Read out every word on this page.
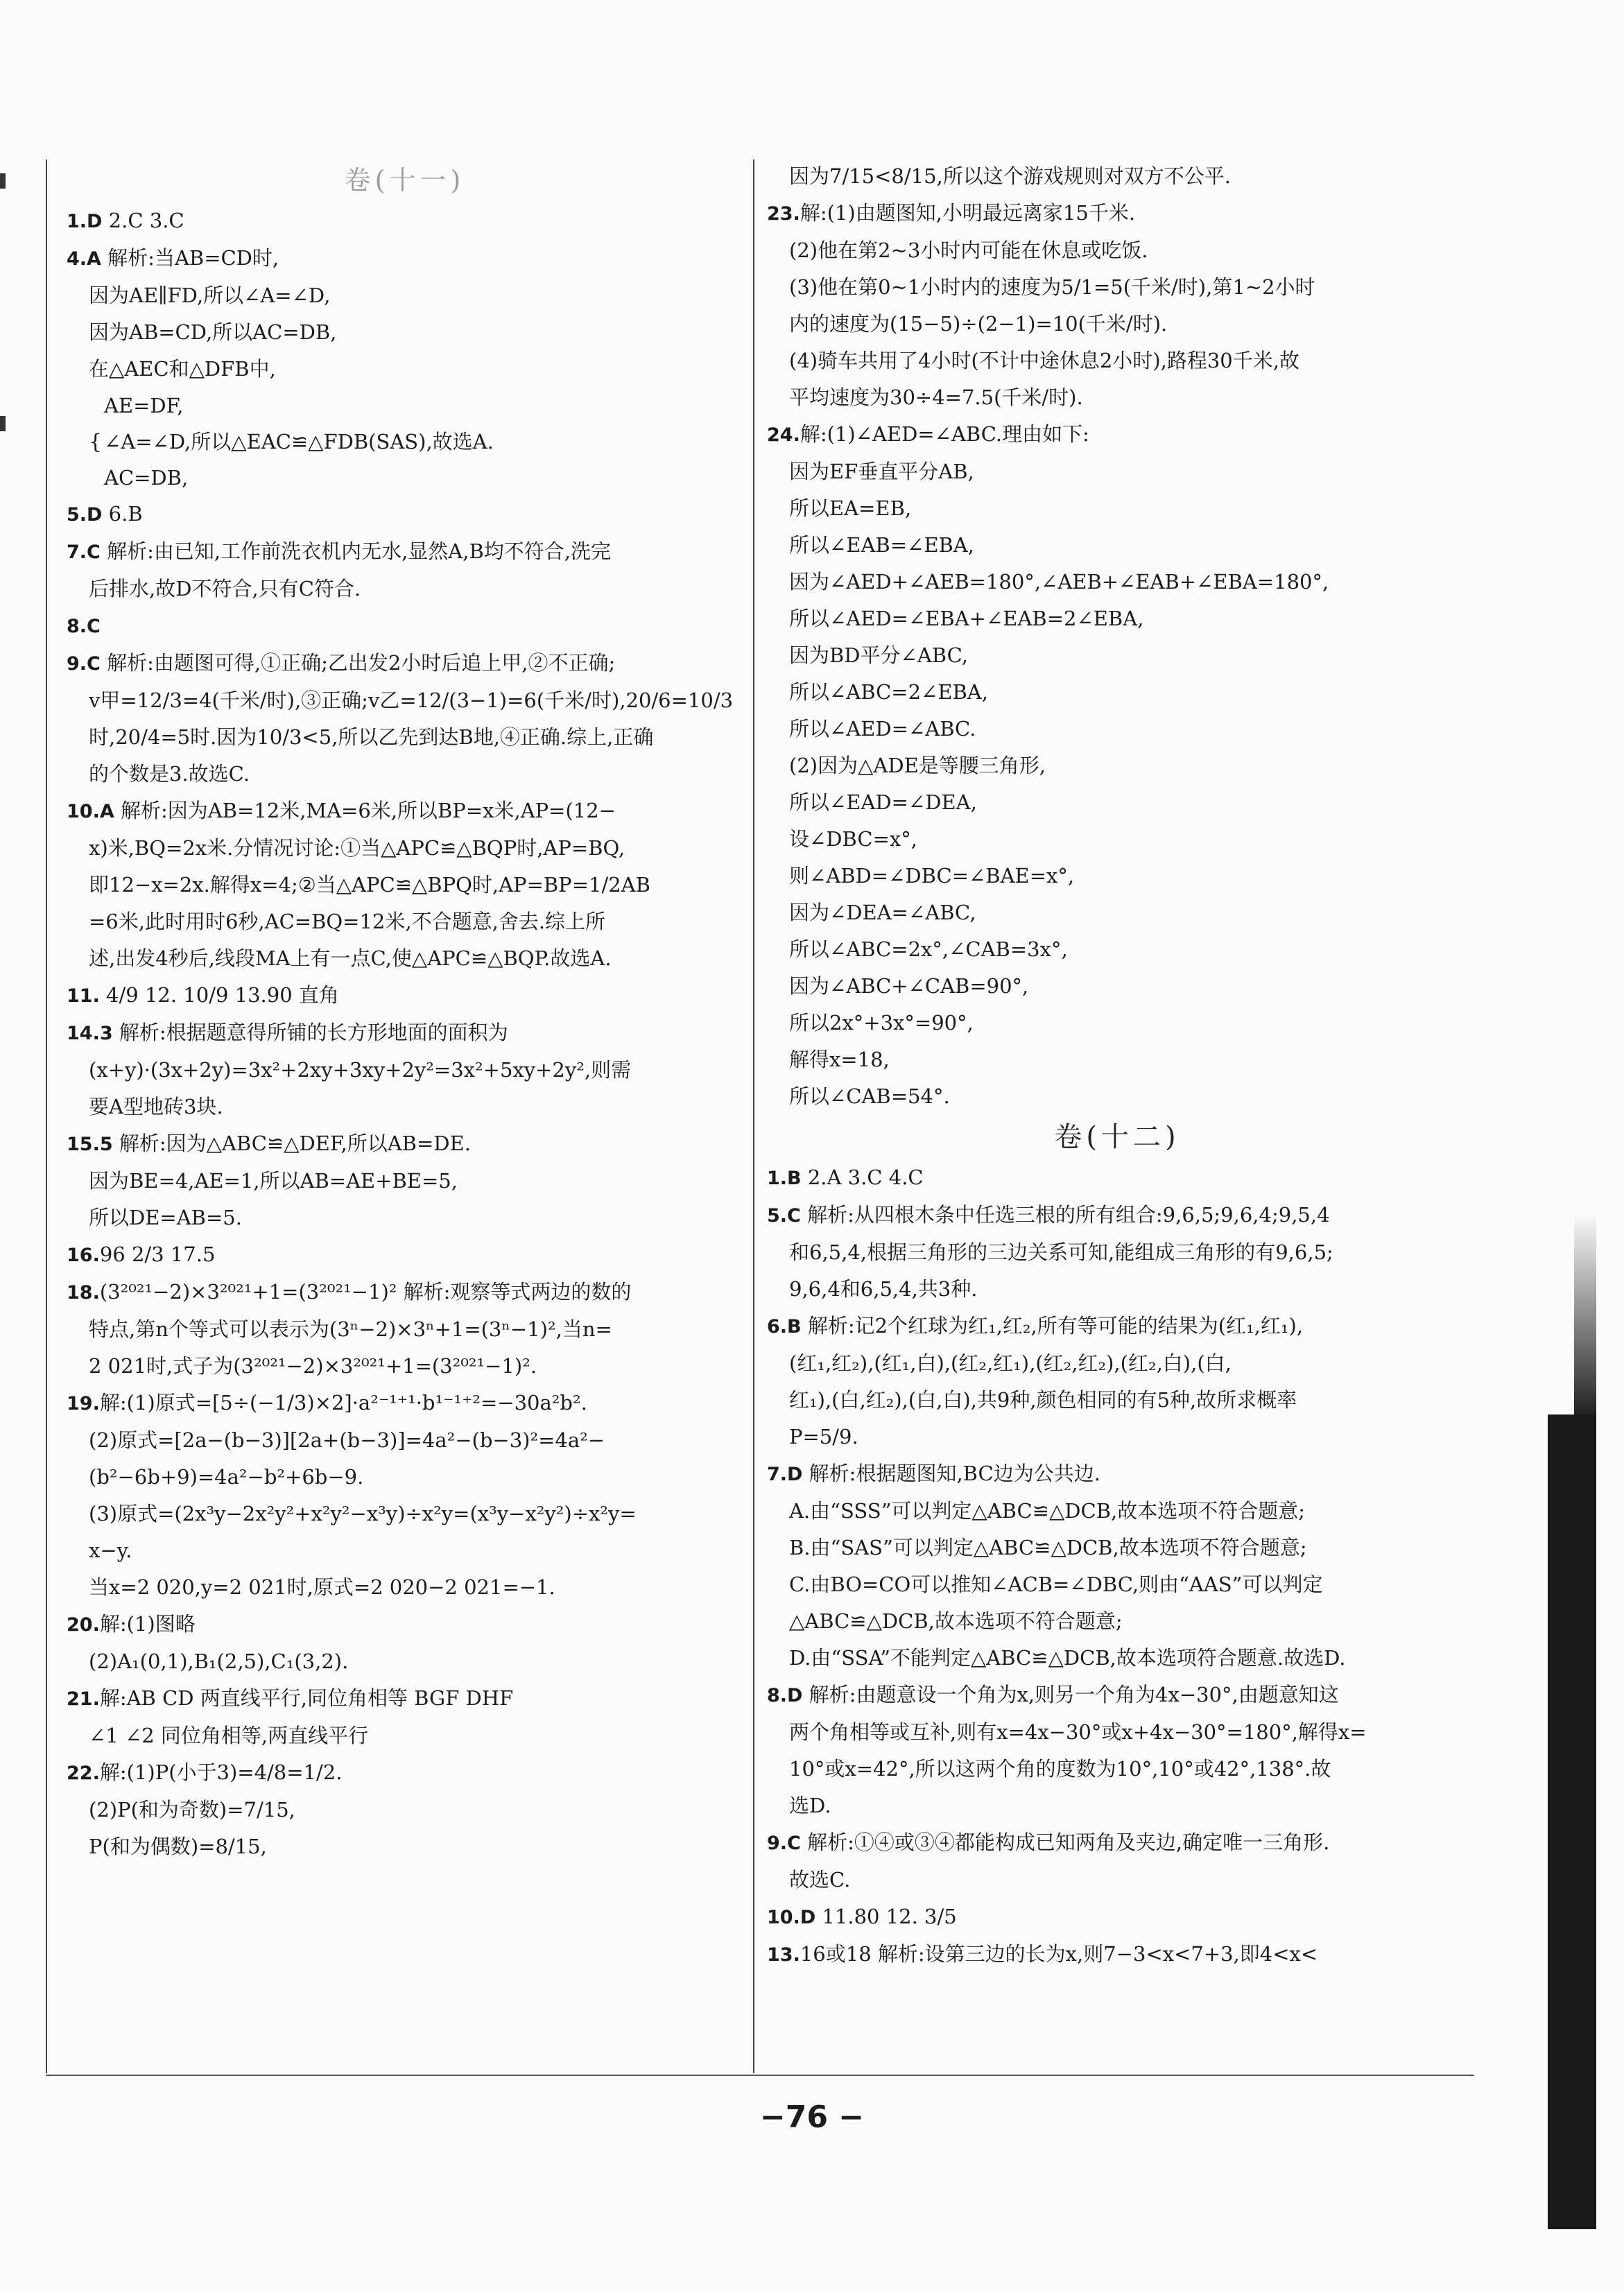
卷(十一)
1.D 2.C 3.C
4.A 解析:当AB=CD时,
因为AE∥FD,所以∠A=∠D,
因为AB=CD,所以AC=DB,
在△AEC和△DFB中,
{
AE=DF,
∠A=∠D,所以△EAC≌△FDB(SAS),故选A.
AC=DB,
5.D 6.B
7.C 解析:由已知,工作前洗衣机内无水,显然A,B均不符合,洗完
后排水,故D不符合,只有C符合.
8.C
9.C 解析:由题图可得,①正确;乙出发2小时后追上甲,②不正确;
v甲=12/3=4(千米/时),③正确;v乙=12/(3−1)=6(千米/时),20/6=10/3
时,20/4=5时.因为10/3<5,所以乙先到达B地,④正确.综上,正确
的个数是3.故选C.
10.A 解析:因为AB=12米,MA=6米,所以BP=x米,AP=(12−
x)米,BQ=2x米.分情况讨论:①当△APC≌△BQP时,AP=BQ,
即12−x=2x.解得x=4;②当△APC≌△BPQ时,AP=BP=1/2AB
=6米,此时用时6秒,AC=BQ=12米,不合题意,舍去.综上所
述,出发4秒后,线段MA上有一点C,使△APC≌△BQP.故选A.
11. 4/9 12. 10/9 13.90 直角
14.3 解析:根据题意得所铺的长方形地面的面积为
(x+y)·(3x+2y)=3x²+2xy+3xy+2y²=3x²+5xy+2y²,则需
要A型地砖3块.
15.5 解析:因为△ABC≌△DEF,所以AB=DE.
因为BE=4,AE=1,所以AB=AE+BE=5,
所以DE=AB=5.
16.96 2/3 17.5
18.(3²⁰²¹−2)×3²⁰²¹+1=(3²⁰²¹−1)² 解析:观察等式两边的数的
特点,第n个等式可以表示为(3ⁿ−2)×3ⁿ+1=(3ⁿ−1)²,当n=
2 021时,式子为(3²⁰²¹−2)×3²⁰²¹+1=(3²⁰²¹−1)².
19.解:(1)原式=[5÷(−1/3)×2]·a²⁻¹⁺¹·b¹⁻¹⁺²=−30a²b².
(2)原式=[2a−(b−3)][2a+(b−3)]=4a²−(b−3)²=4a²−
(b²−6b+9)=4a²−b²+6b−9.
(3)原式=(2x³y−2x²y²+x²y²−x³y)÷x²y=(x³y−x²y²)÷x²y=
x−y.
当x=2 020,y=2 021时,原式=2 020−2 021=−1.
20.解:(1)图略
(2)A₁(0,1),B₁(2,5),C₁(3,2).
21.解:AB CD 两直线平行,同位角相等 BGF DHF
∠1 ∠2 同位角相等,两直线平行
22.解:(1)P(小于3)=4/8=1/2.
(2)P(和为奇数)=7/15,
P(和为偶数)=8/15,
因为7/15<8/15,所以这个游戏规则对双方不公平.
23.解:(1)由题图知,小明最远离家15千米.
(2)他在第2~3小时内可能在休息或吃饭.
(3)他在第0~1小时内的速度为5/1=5(千米/时),第1~2小时
内的速度为(15−5)÷(2−1)=10(千米/时).
(4)骑车共用了4小时(不计中途休息2小时),路程30千米,故
平均速度为30÷4=7.5(千米/时).
24.解:(1)∠AED=∠ABC.理由如下:
因为EF垂直平分AB,
所以EA=EB,
所以∠EAB=∠EBA,
因为∠AED+∠AEB=180°,∠AEB+∠EAB+∠EBA=180°,
所以∠AED=∠EBA+∠EAB=2∠EBA,
因为BD平分∠ABC,
所以∠ABC=2∠EBA,
所以∠AED=∠ABC.
(2)因为△ADE是等腰三角形,
所以∠EAD=∠DEA,
设∠DBC=x°,
则∠ABD=∠DBC=∠BAE=x°,
因为∠DEA=∠ABC,
所以∠ABC=2x°,∠CAB=3x°,
因为∠ABC+∠CAB=90°,
所以2x°+3x°=90°,
解得x=18,
所以∠CAB=54°.
卷(十二)
1.B 2.A 3.C 4.C
5.C 解析:从四根木条中任选三根的所有组合:9,6,5;9,6,4;9,5,4
和6,5,4,根据三角形的三边关系可知,能组成三角形的有9,6,5;
9,6,4和6,5,4,共3种.
6.B 解析:记2个红球为红₁,红₂,所有等可能的结果为(红₁,红₁),
(红₁,红₂),(红₁,白),(红₂,红₁),(红₂,红₂),(红₂,白),(白,
红₁),(白,红₂),(白,白),共9种,颜色相同的有5种,故所求概率
P=5/9.
7.D 解析:根据题图知,BC边为公共边.
A.由“SSS”可以判定△ABC≌△DCB,故本选项不符合题意;
B.由“SAS”可以判定△ABC≌△DCB,故本选项不符合题意;
C.由BO=CO可以推知∠ACB=∠DBC,则由“AAS”可以判定
△ABC≌△DCB,故本选项不符合题意;
D.由“SSA”不能判定△ABC≌△DCB,故本选项符合题意.故选D.
8.D 解析:由题意设一个角为x,则另一个角为4x−30°,由题意知这
两个角相等或互补,则有x=4x−30°或x+4x−30°=180°,解得x=
10°或x=42°,所以这两个角的度数为10°,10°或42°,138°.故
选D.
9.C 解析:①④或③④都能构成已知两角及夹边,确定唯一三角形.
故选C.
10.D 11.80 12. 3/5
13.16或18 解析:设第三边的长为x,则7−3<x<7+3,即4<x<
−76 −
